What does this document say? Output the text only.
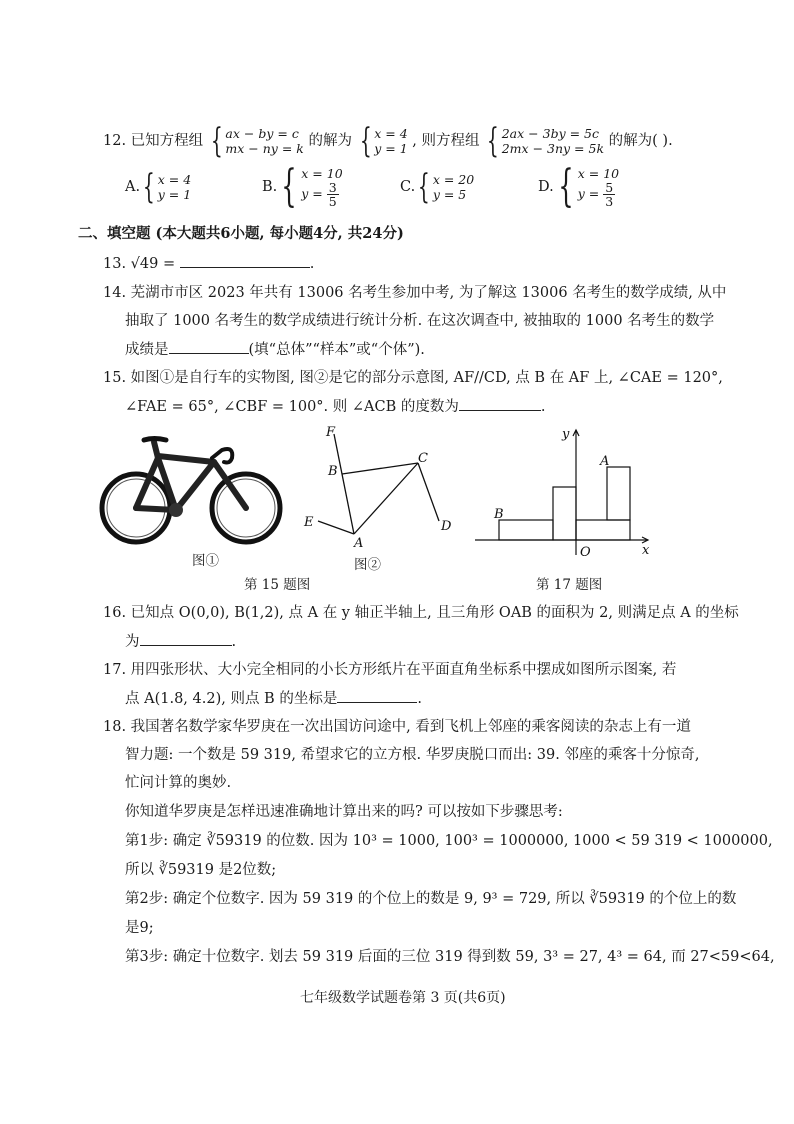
12. 已知方程组 { ax − by = c
mx − ny = k 的解为 { x = 4
y = 1 , 则方程组 { 2ax − 3by = 5c
2mx − 3ny = 5k 的解为( ).
A. { x = 4
y = 1	B. { x = 10
$y = \frac{3}{5}$	C. { x = 20
y = 5	D. { x = 10
$y = \frac{5}{3}$
二、填空题 (本大题共6小题, 每小题4分, 共24分)
13. √49 =	.
14. 芜湖市市区 2023 年共有 13006 名考生参加中考, 为了解这 13006 名考生的数学成绩, 从中
抽取了 1000 名考生的数学成绩进行统计分析. 在这次调查中, 被抽取的 1000 名考生的数学
成绩是	(填“总体”“样本”或“个体”).
15. 如图①是自行车的实物图, 图②是它的部分示意图, AF//CD, 点 B 在 AF 上, ∠CAE = 120°,
∠FAE = 65°, ∠CBF = 100°. 则 ∠ACB 的度数为	.
图①
F
B
C
E
A
D
图②
第 15 题图
y
x
O
A
B
第 17 题图
16. 已知点 O(0,0), B(1,2), 点 A 在 y 轴正半轴上, 且三角形 OAB 的面积为 2, 则满足点 A 的坐标
为	.
17. 用四张形状、大小完全相同的小长方形纸片在平面直角坐标系中摆成如图所示图案, 若
点 A(1.8, 4.2), 则点 B 的坐标是	.
18. 我国著名数学家华罗庚在一次出国访问途中, 看到飞机上邻座的乘客阅读的杂志上有一道
智力题: 一个数是 59 319, 希望求它的立方根. 华罗庚脱口而出: 39. 邻座的乘客十分惊奇,
忙问计算的奥妙.
你知道华罗庚是怎样迅速准确地计算出来的吗? 可以按如下步骤思考:
第1步: 确定 ∛59319 的位数. 因为 10³ = 1000, 100³ = 1000000, 1000 < 59 319 < 1000000,
所以 ∛59319 是2位数;
第2步: 确定个位数字. 因为 59 319 的个位上的数是 9, 9³ = 729, 所以 ∛59319 的个位上的数
是9;
第3步: 确定十位数字. 划去 59 319 后面的三位 319 得到数 59, 3³ = 27, 4³ = 64, 而 27<59<64,
七年级数学试题卷第 3 页(共6页)
